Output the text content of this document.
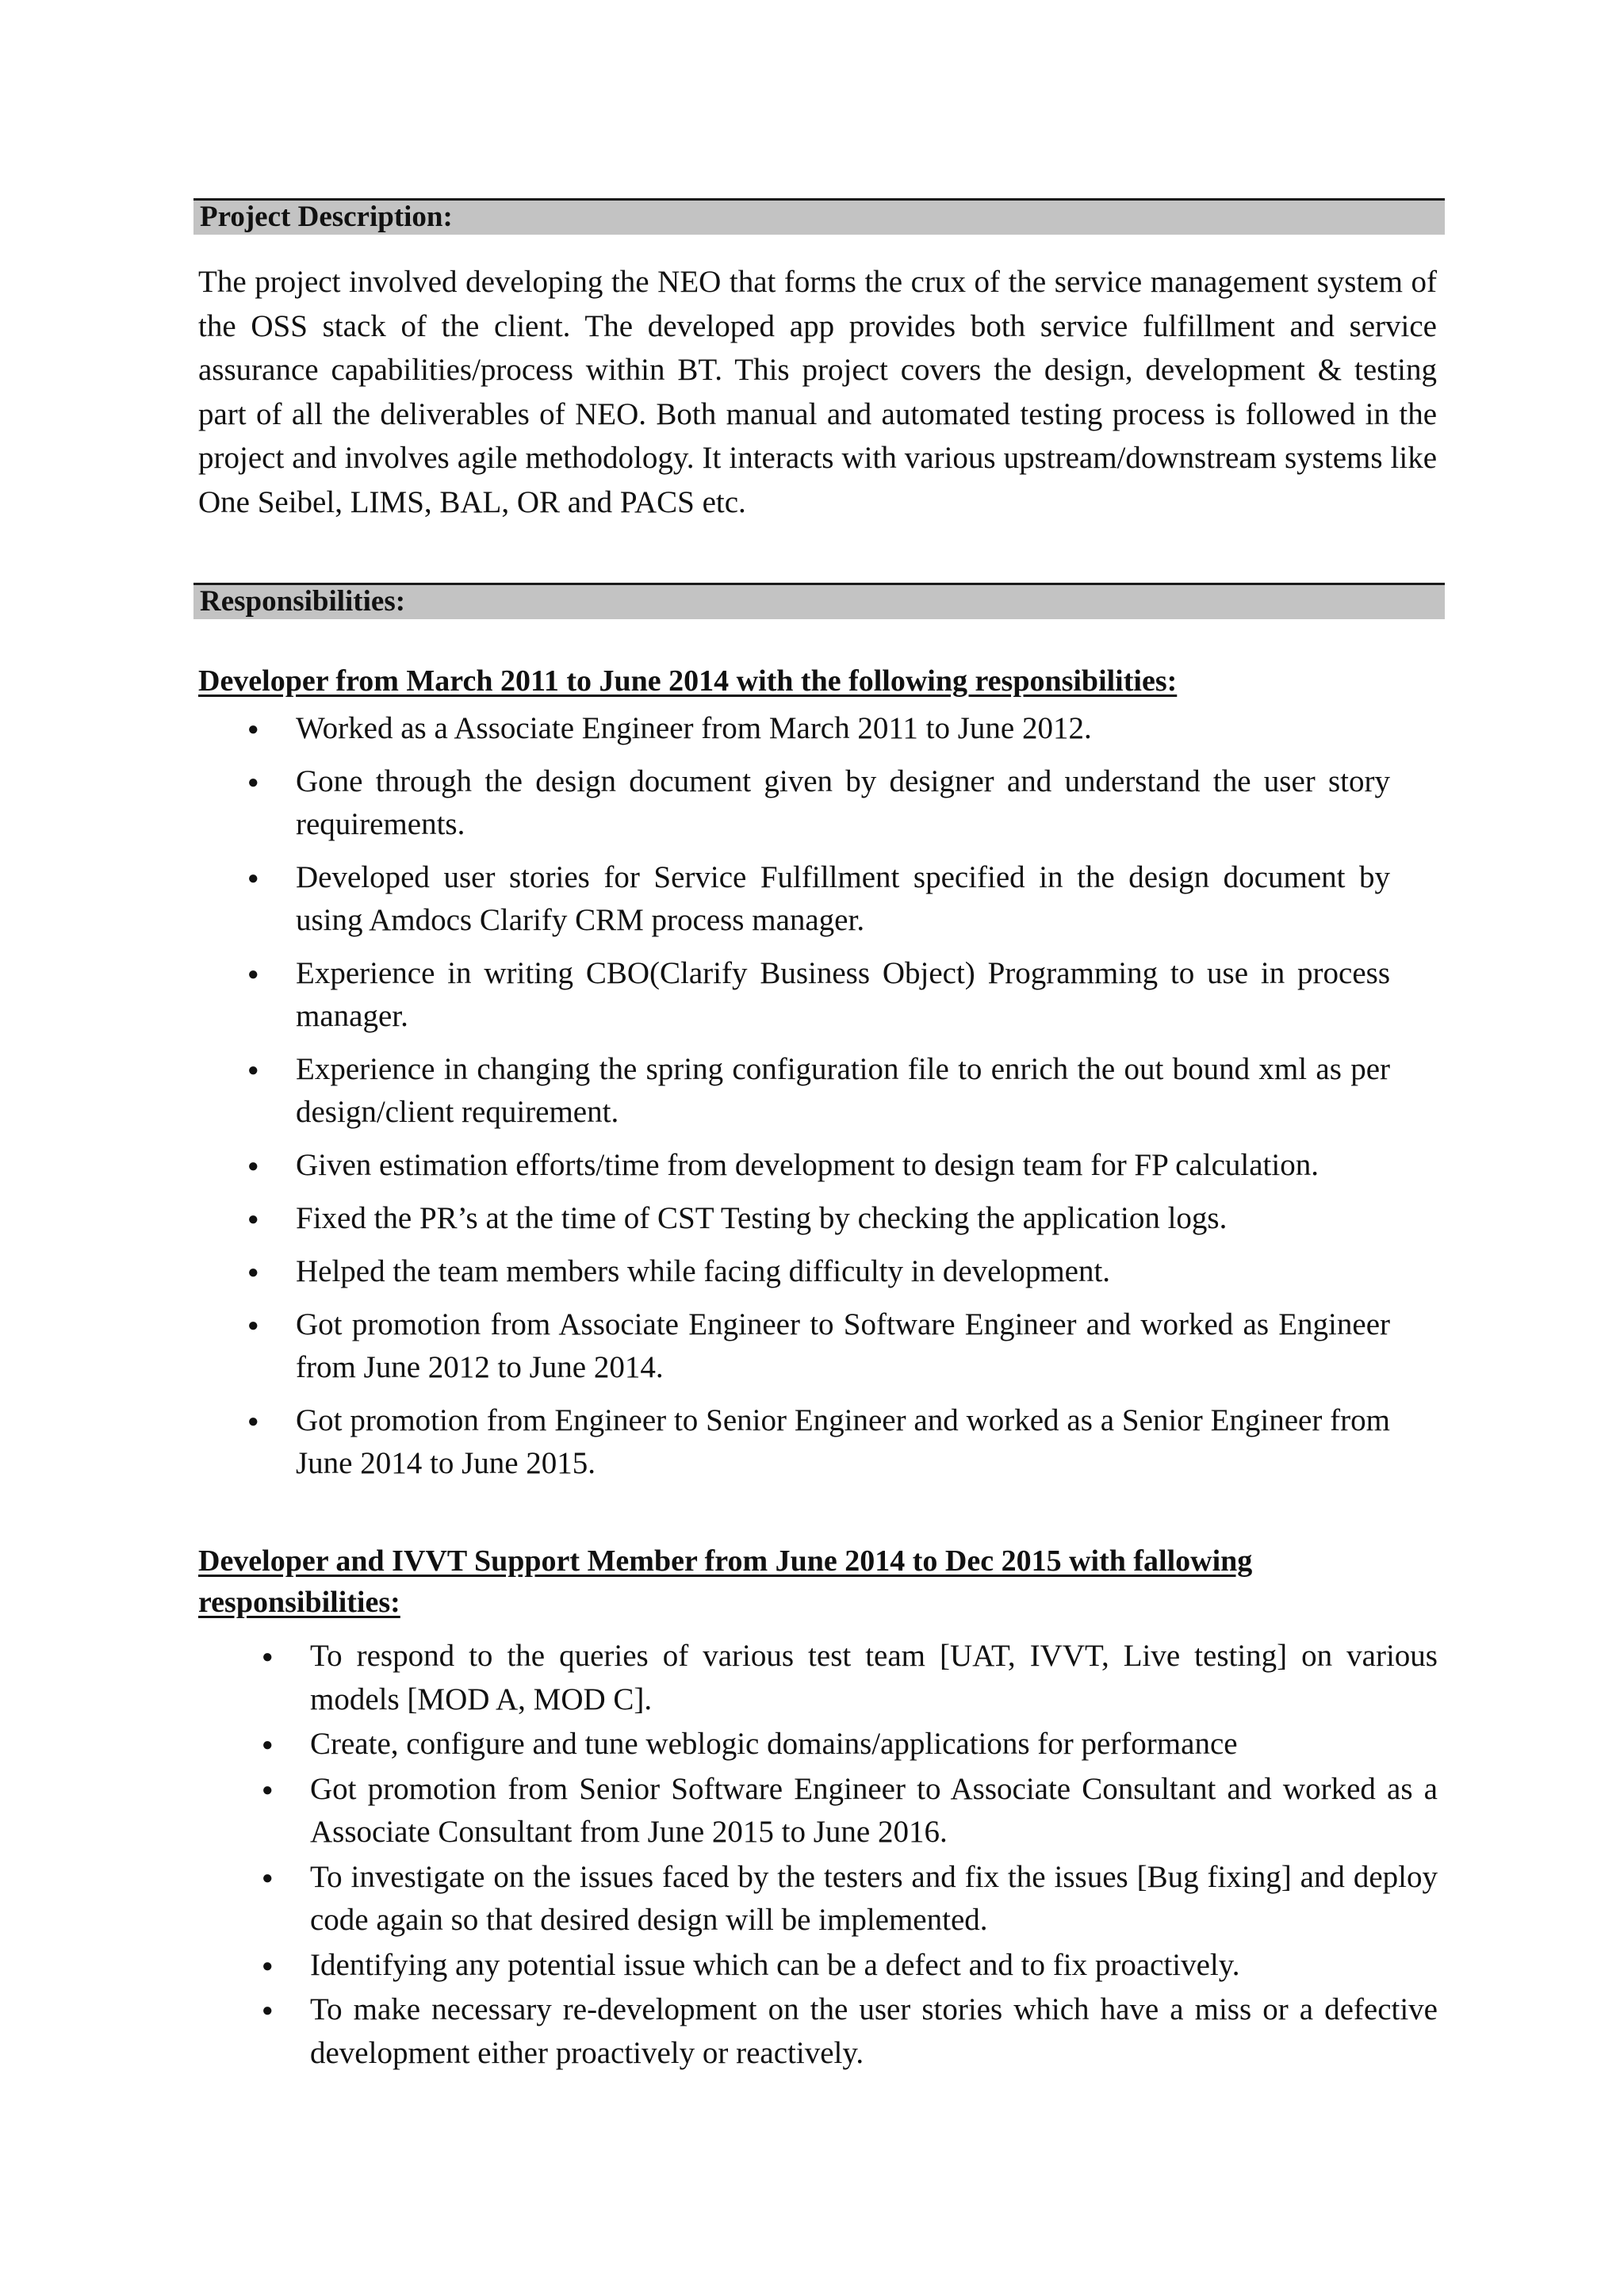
Project Description:
The project involved developing the NEO that forms the crux of the service management system of the OSS stack of the client. The developed app provides both service fulfillment and service assurance capabilities/process within BT. This project covers the design, development & testing part of all the deliverables of NEO. Both manual and automated testing process is followed in the project and involves agile methodology. It interacts with various upstream/downstream systems like One Seibel, LIMS, BAL, OR and PACS etc.
Responsibilities:
Developer from March 2011 to June 2014 with the following responsibilities:
● Worked as a Associate Engineer from March 2011 to June 2012.
● Gone through the design document given by designer and understand the user story requirements.
● Developed user stories for Service Fulfillment specified in the design document by using Amdocs Clarify CRM process manager.
● Experience in writing CBO(Clarify Business Object) Programming to use in process manager.
● Experience in changing the spring configuration file to enrich the out bound xml as per design/client requirement.
● Given estimation efforts/time from development to design team for FP calculation.
● Fixed the PR’s at the time of CST Testing by checking the application logs.
● Helped the team members while facing difficulty in development.
● Got promotion from Associate Engineer to Software Engineer and worked as Engineer from June 2012 to June 2014.
● Got promotion from Engineer to Senior Engineer and worked as a Senior Engineer from June 2014 to June 2015.
Developer and IVVT Support Member from June 2014 to Dec 2015 with fallowing
responsibilities:
● To respond to the queries of various test team [UAT, IVVT, Live testing] on various models [MOD A, MOD C].
● Create, configure and tune weblogic domains/applications for performance
● Got promotion from Senior Software Engineer to Associate Consultant and worked as a Associate Consultant from June 2015 to June 2016.
● To investigate on the issues faced by the testers and fix the issues [Bug fixing] and deploy code again so that desired design will be implemented.
● Identifying any potential issue which can be a defect and to fix proactively.
● To make necessary re-development on the user stories which have a miss or a defective development either proactively or reactively.
